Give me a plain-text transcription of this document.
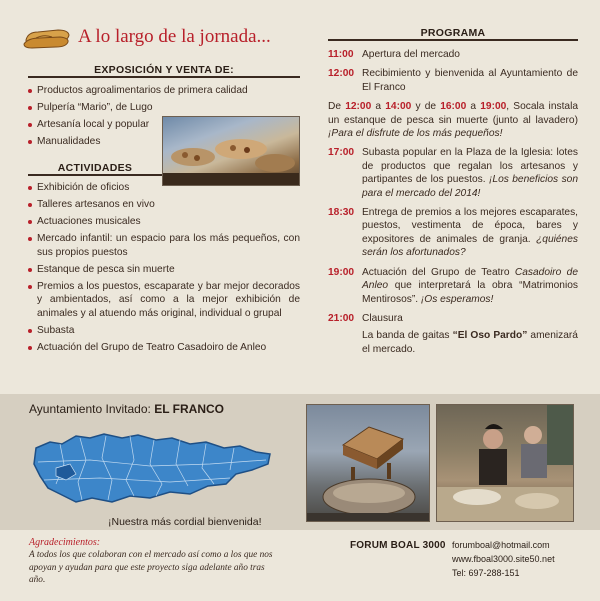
A lo largo de la jornada...
EXPOSICIÓN Y VENTA DE:
Productos agroalimentarios de primera calidad
Pulpería “Mario”, de Lugo
Artesanía local y popular
Manualidades
ACTIVIDADES
Exhibición de oficios
Talleres artesanos en vivo
Actuaciones musicales
Mercado infantil: un espacio para los más pequeños, con sus propios puestos
Estanque de pesca sin muerte
Premios a los puestos, escaparate y bar mejor decorados y ambientados, así como a la mejor exhibición de animales y al atuendo más original, individual o grupal
Subasta
Actuación del Grupo de Teatro Casadoiro de Anleo
PROGRAMA
11:00 Apertura del mercado
12:00 Recibimiento y bienvenida al Ayuntamiento de El Franco
De 12:00 a 14:00 y de 16:00 a 19:00, Socala instala un estanque de pesca sin muerte (junto al lavadero) ¡Para el disfrute de los más pequeños!
17:00 Subasta popular en la Plaza de la Iglesia: lotes de productos que regalan los artesanos y partipantes de los puestos. ¡Los beneficios son para el mercado del 2014!
18:30 Entrega de premios a los mejores escaparates, puestos, vestimenta de época, bares y expositores de animales de granja. ¿quiénes serán los afortunados?
19:00 Actuación del Grupo de Teatro Casadoiro de Anleo que interpretará la obra “Matrimonios Mentirosos”. ¡Os esperamos!
21:00 Clausura
La banda de gaitas “El Oso Pardo” amenizará el mercado.
Ayuntamiento Invitado: EL FRANCO
¡Nuestra más cordial bienvenida!
Agradecimientos:
A todos los que colaboran con el mercado así como a los que nos apoyan y ayudan para que este proyecto siga adelante año tras año.
FORUM BOAL 3000 forumboal@hotmail.com
www.fboal3000.site50.net
Tel: 697-288-151
